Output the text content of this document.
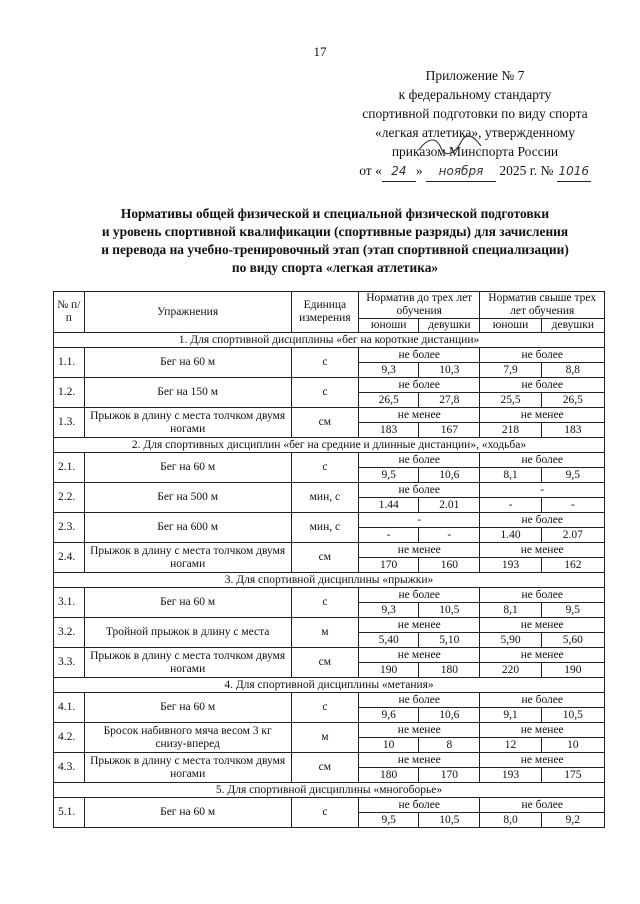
17
Приложение № 7
к федеральному стандарту
спортивной подготовки по виду спорта
«легкая атлетика», утвержденному
приказом Минспорта России
от « 24 » ноября 2025 г. № 1016
Нормативы общей физической и специальной физической подготовки
и уровень спортивной квалификации (спортивные разряды) для зачисления
и перевода на учебно-тренировочный этап (этап спортивной специализации)
по виду спорта «легкая атлетика»
№ п/п	Упражнения	Единица измерения	Норматив до трех лет обучения		Норматив свыше трех лет обучения	
			юноши	девушки	юноши	девушки
1. Для спортивной дисциплины «бег на короткие дистанции»						
1.1.	Бег на 60 м	с	не более		не более	
			9,3	10,3	7,9	8,8
1.2.	Бег на 150 м	с	не более		не более	
			26,5	27,8	25,5	26,5
1.3.	Прыжок в длину с места толчком двумя ногами	см	не менее		не менее	
			183	167	218	183
2. Для спортивных дисциплин «бег на средние и длинные дистанции», «ходьба»						
2.1.	Бег на 60 м	с	не более		не более	
			9,5	10,6	8,1	9,5
2.2.	Бег на 500 м	мин, с	не более		-	
			1.44	2.01	-	-
2.3.	Бег на 600 м	мин, с	-		не более	
			-	-	1.40	2.07
2.4.	Прыжок в длину с места толчком двумя ногами	см	не менее		не менее	
			170	160	193	162
3. Для спортивной дисциплины «прыжки»						
3.1.	Бег на 60 м	с	не более		не более	
			9,3	10,5	8,1	9,5
3.2.	Тройной прыжок в длину с места	м	не менее		не менее	
			5,40	5,10	5,90	5,60
3.3.	Прыжок в длину с места толчком двумя ногами	см	не менее		не менее	
			190	180	220	190
4. Для спортивной дисциплины «метания»						
4.1.	Бег на 60 м	с	не более		не более	
			9,6	10,6	9,1	10,5
4.2.	Бросок набивного мяча весом 3 кг снизу-вперед	м	не менее		не менее	
			10	8	12	10
4.3.	Прыжок в длину с места толчком двумя ногами	см	не менее		не менее	
			180	170	193	175
5. Для спортивной дисциплины «многоборье»						
5.1.	Бег на 60 м	с	не более		не более	
			9,5	10,5	8,0	9,2
